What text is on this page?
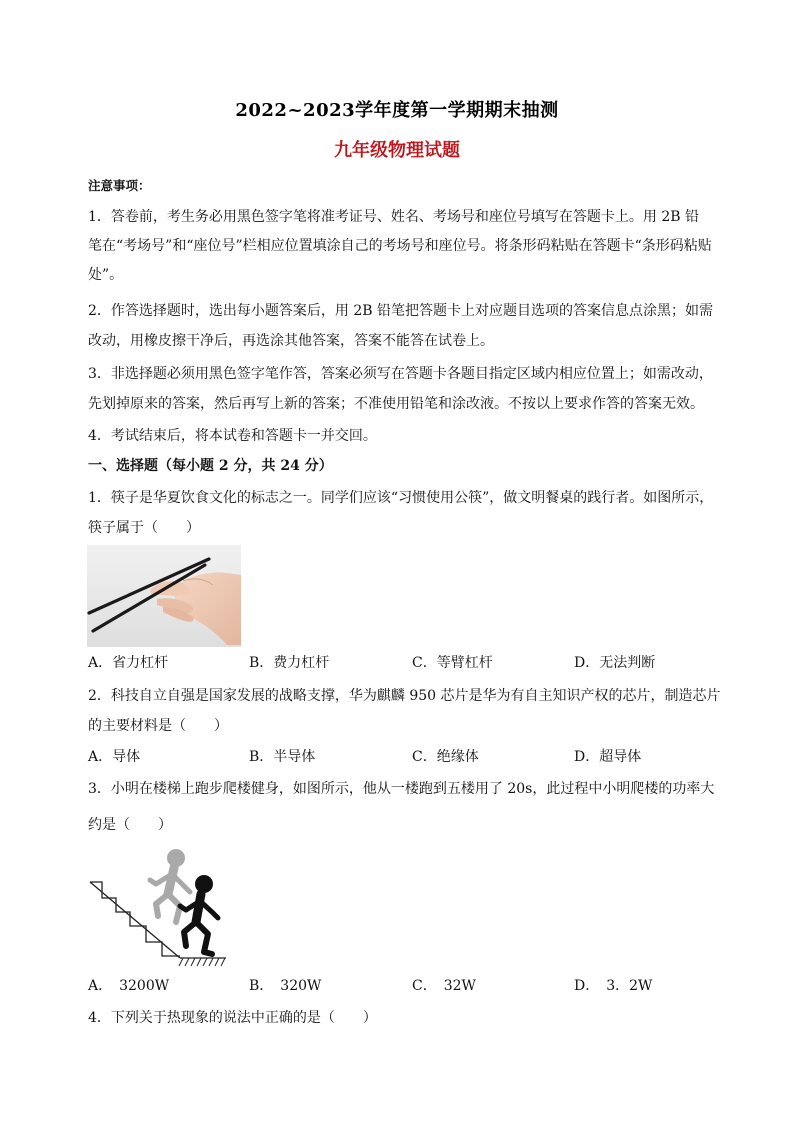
2022~2023学年度第一学期期末抽测
九年级物理试题
注意事项：
1．答卷前，考生务必用黑色签字笔将准考证号、姓名、考场号和座位号填写在答题卡上。用 2B 铅
笔在“考场号”和“座位号”栏相应位置填涂自己的考场号和座位号。将条形码粘贴在答题卡“条形码粘贴
处”。
2．作答选择题时，选出每小题答案后，用 2B 铅笔把答题卡上对应题目选项的答案信息点涂黑；如需
改动，用橡皮擦干净后，再选涂其他答案，答案不能答在试卷上。
3．非选择题必须用黑色签字笔作答，答案必须写在答题卡各题目指定区域内相应位置上；如需改动，
先划掉原来的答案，然后再写上新的答案；不准使用铅笔和涂改液。不按以上要求作答的答案无效。
4．考试结束后，将本试卷和答题卡一并交回。
一、选择题（每小题 2 分，共 24 分）
1．筷子是华夏饮食文化的标志之一。同学们应该“习惯使用公筷”，做文明餐桌的践行者。如图所示，
筷子属于（　　）
A．省力杠杆	B．费力杠杆	C．等臂杠杆	D．无法判断
2．科技自立自强是国家发展的战略支撑，华为麒麟 950 芯片是华为有自主知识产权的芯片，制造芯片
的主要材料是（　　）
A．导体	B．半导体	C．绝缘体	D．超导体
3．小明在楼梯上跑步爬楼健身，如图所示，他从一楼跑到五楼用了 20s，此过程中小明爬楼的功率大
约是（　　）
A．　3200W	B．　320W	C．　32W	D．　3．2W
4．下列关于热现象的说法中正确的是（　　）
